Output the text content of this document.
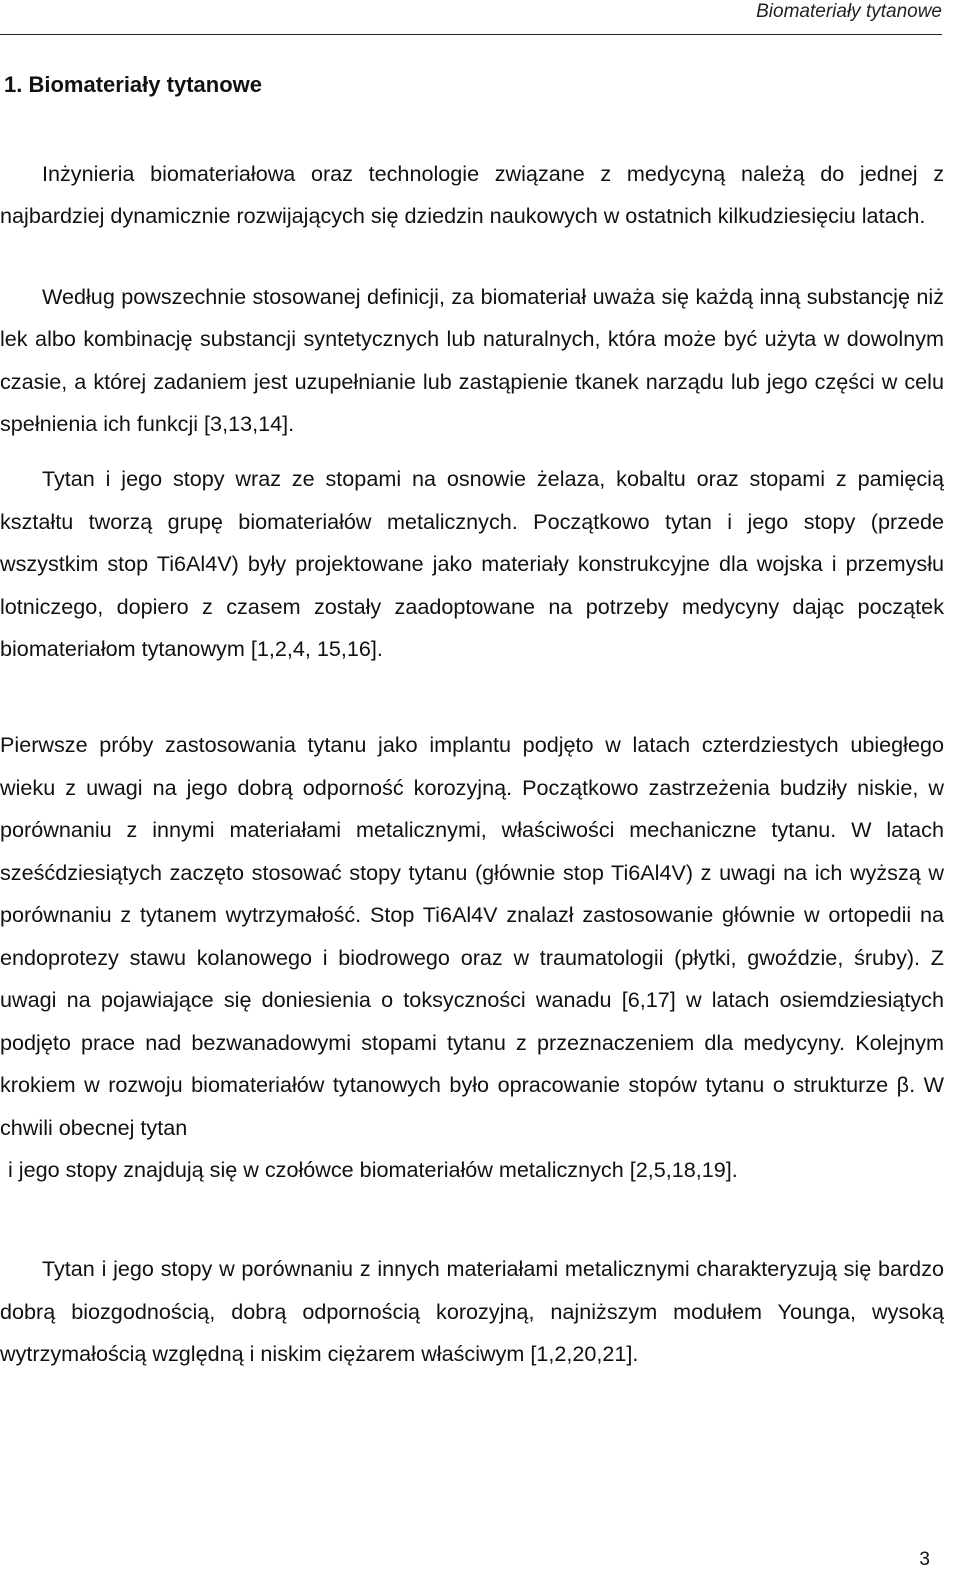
Biomateriały tytanowe
1. Biomateriały tytanowe

Inżynieria biomateriałowa oraz technologie związane z medycyną należą do jednej z najbardziej dynamicznie rozwijających się dziedzin naukowych w ostatnich kilkudziesięciu latach.

Według powszechnie stosowanej definicji, za biomateriał uważa się każdą inną substancję niż lek albo kombinację substancji syntetycznych lub naturalnych, która może być użyta w dowolnym czasie, a której zadaniem jest uzupełnianie lub zastąpienie tkanek narządu lub jego części w celu spełnienia ich funkcji [3,13,14].

Tytan i jego stopy wraz ze stopami na osnowie żelaza, kobaltu oraz stopami z pamięcią kształtu tworzą grupę biomateriałów metalicznych. Początkowo tytan i jego stopy (przede wszystkim stop Ti6Al4V) były projektowane jako materiały konstrukcyjne dla wojska i przemysłu lotniczego, dopiero z czasem zostały zaadoptowane na potrzeby medycyny dając początek biomateriałom tytanowym [1,2,4, 15,16].

Pierwsze próby zastosowania tytanu jako implantu podjęto w latach czterdziestych ubiegłego wieku z uwagi na jego dobrą odporność korozyjną. Początkowo zastrzeżenia budziły niskie, w porównaniu z innymi materiałami metalicznymi, właściwości mechaniczne tytanu. W latach sześćdziesiątych zaczęto stosować stopy tytanu (głównie stop Ti6Al4V) z uwagi na ich wyższą w porównaniu z tytanem wytrzymałość. Stop Ti6Al4V znalazł zastosowanie głównie w ortopedii na endoprotezy stawu kolanowego i biodrowego oraz w traumatologii (płytki, gwoździe, śruby). Z uwagi na pojawiające się doniesienia o toksyczności wanadu [6,17] w latach osiemdziesiątych podjęto prace nad bezwanadowymi stopami tytanu z przeznaczeniem dla medycyny. Kolejnym krokiem w rozwoju biomateriałów tytanowych było opracowanie stopów tytanu o strukturze β. W chwili obecnej tytan
i jego stopy znajdują się w czołówce biomateriałów metalicznych [2,5,18,19].

Tytan i jego stopy w porównaniu z innych materiałami metalicznymi charakteryzują się bardzo dobrą biozgodnością, dobrą odpornością korozyjną, najniższym modułem Younga, wysoką wytrzymałością względną i niskim ciężarem właściwym [1,2,20,21].

3
